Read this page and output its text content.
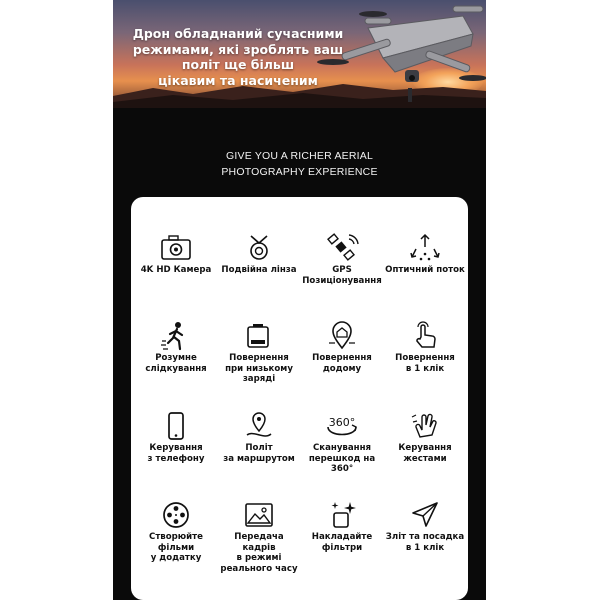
Дрон обладнаний сучасними
режимами, які зроблять ваш
політ ще більш
цікавим та насиченим
GIVE YOU A RICHER AERIAL
PHOTOGRAPHY EXPERIENCE
4K HD Камера	Подвійна лінза	GPS
Позиціонування
Оптичний поток
Розумне
слідкування
Повернення
при низькому
заряді
Повернення
додому
Повернення
в 1 клік
Керування
з телефону
Політ
за маршрутом
360°
Сканування
перешкод на 360°
Керування
жестами
Створюйте
фільми
у додатку
Передача кадрів
в режимі
реального часу
Накладайте
фільтри
Зліт та посадка
в 1 клік
